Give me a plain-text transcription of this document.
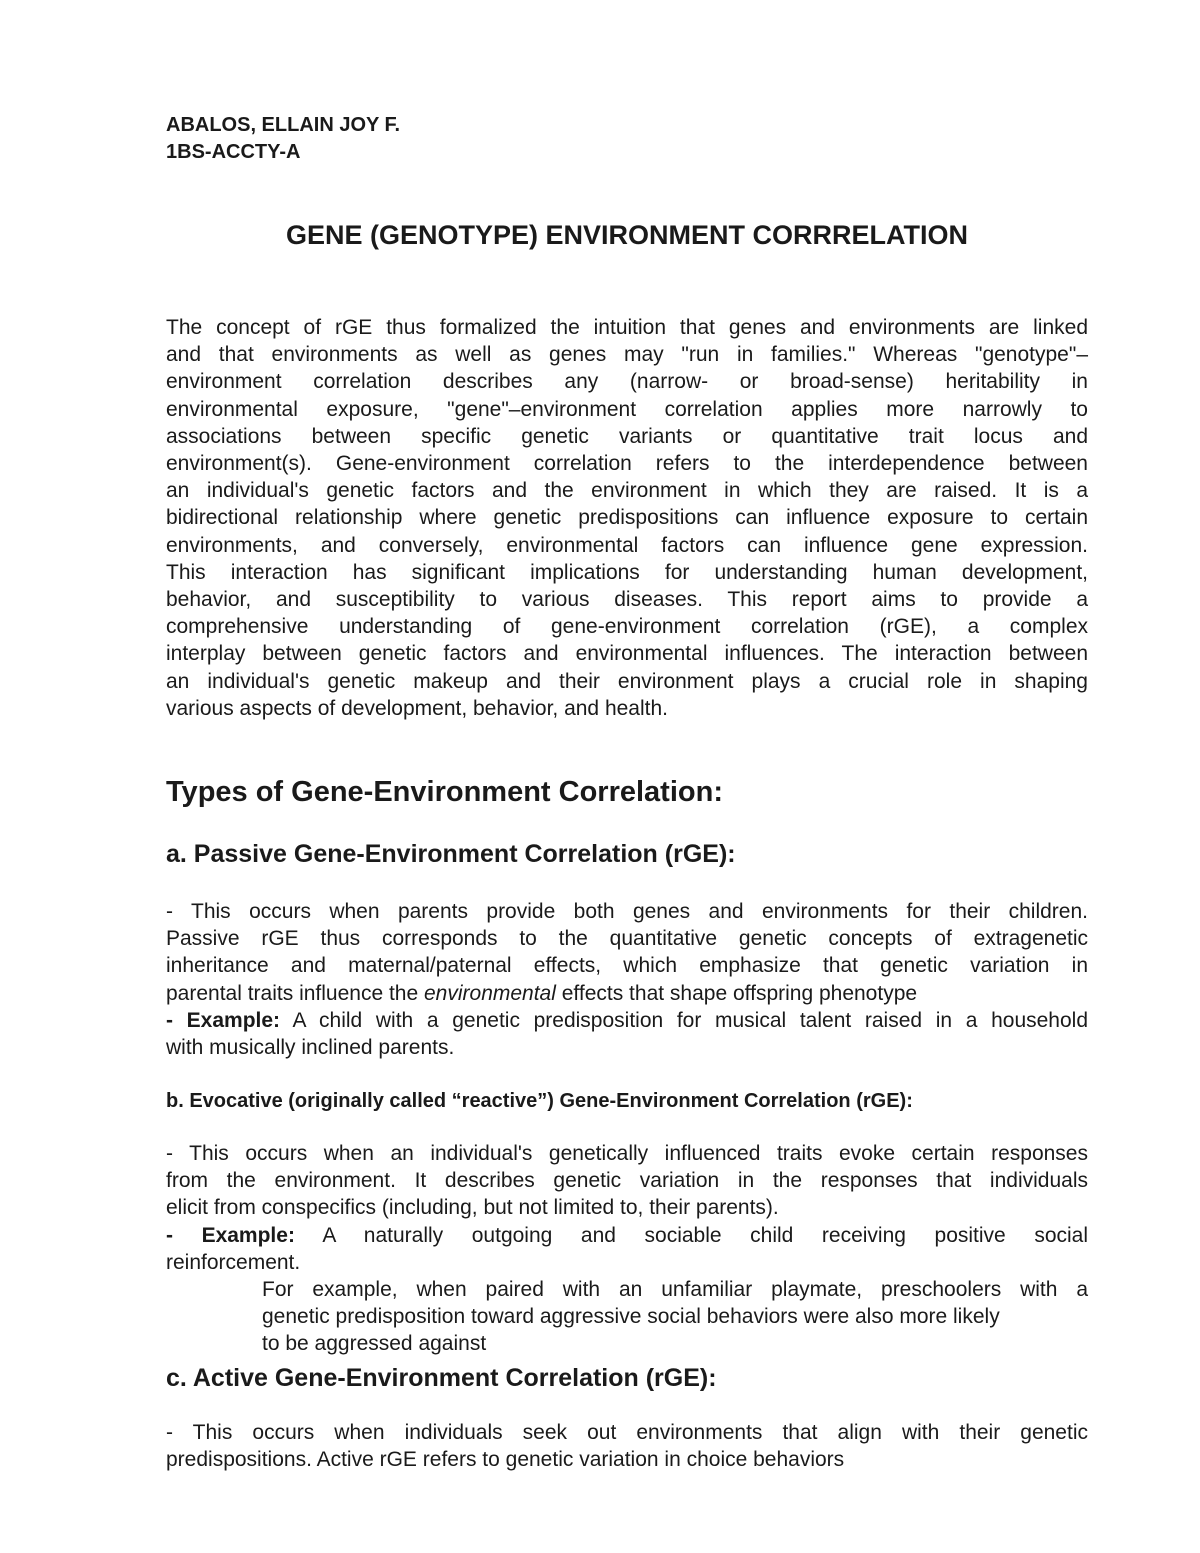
ABALOS, ELLAIN JOY F.

1BS-ACCTY-A

GENE (GENOTYPE) ENVIRONMENT CORRRELATION
The concept of rGE thus formalized the intuition that genes and environments are linked
and that environments as well as genes may "run in families." Whereas "genotype"–
environment correlation describes any (narrow- or broad-sense) heritability in
environmental exposure, "gene"–environment correlation applies more narrowly to
associations between specific genetic variants or quantitative trait locus and
environment(s). Gene-environment correlation refers to the interdependence between
an individual's genetic factors and the environment in which they are raised. It is a
bidirectional relationship where genetic predispositions can influence exposure to certain
environments, and conversely, environmental factors can influence gene expression.
This interaction has significant implications for understanding human development,
behavior, and susceptibility to various diseases. This report aims to provide a
comprehensive understanding of gene-environment correlation (rGE), a complex
interplay between genetic factors and environmental influences. The interaction between
an individual's genetic makeup and their environment plays a crucial role in shaping
various aspects of development, behavior, and health.
Types of Gene-Environment Correlation:
a. Passive Gene-Environment Correlation (rGE):
- This occurs when parents provide both genes and environments for their children.
Passive rGE thus corresponds to the quantitative genetic concepts of extragenetic
inheritance and maternal/paternal effects, which emphasize that genetic variation in
parental traits influence the environmental effects that shape offspring phenotype
- Example: A child with a genetic predisposition for musical talent raised in a household
with musically inclined parents.
b. Evocative (originally called “reactive”) Gene-Environment Correlation (rGE):
- This occurs when an individual's genetically influenced traits evoke certain responses
from the environment. It describes genetic variation in the responses that individuals
elicit from conspecifics (including, but not limited to, their parents).
- Example: A naturally outgoing and sociable child receiving positive social
reinforcement.
For example, when paired with an unfamiliar playmate, preschoolers with a
genetic predisposition toward aggressive social behaviors were also more likely
to be aggressed against
c. Active Gene-Environment Correlation (rGE):
- This occurs when individuals seek out environments that align with their genetic
predispositions. Active rGE refers to genetic variation in choice behaviors
